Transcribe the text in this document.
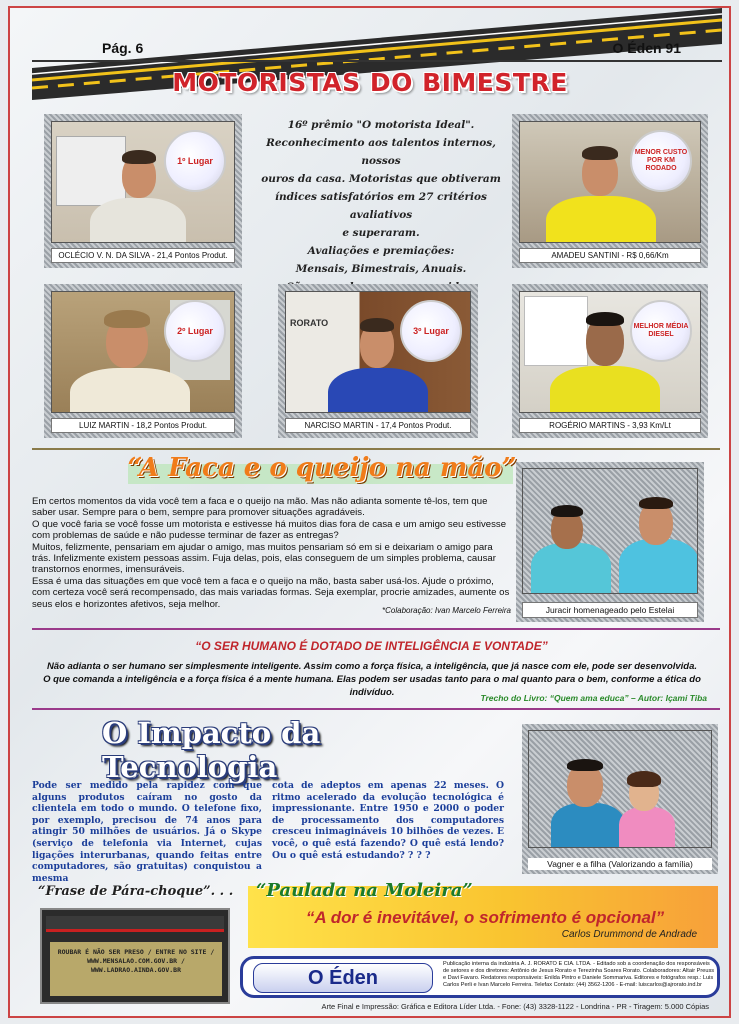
Pág. 6	O Éden 91
MOTORISTAS DO BIMESTRE
1º Lugar
OCLÉCIO V. N. DA SILVA - 21,4 Pontos Produt.
16º prêmio "O motorista Ideal".
Reconhecimento aos talentos internos, nossos
ouros da casa. Motoristas que obtiveram
índices satisfatórios em 27 critérios avaliativos
e superaram.
Avaliações e premiações:
Mensais, Bimestrais, Anuais.
MENOR CUSTO POR KM RODADO
AMADEU SANTINI - R$ 0,66/Km
2º Lugar
LUIZ MARTIN - 18,2 Pontos Produt.
RORATO
3º Lugar
NARCISO MARTIN - 17,4 Pontos Produt.
MELHOR MÉDIA DIESEL
ROGÉRIO MARTINS - 3,93 Km/Lt
“A Faca e o queijo na mão”
Em certos momentos da vida você tem a faca e o queijo na mão. Mas não adianta somente tê-los, tem que saber usar. Sempre para o bem, sempre para promover situações agradáveis.
O que você faria se você fosse um motorista e estivesse há muitos dias fora de casa e um amigo seu estivesse com problemas de saúde e não pudesse terminar de fazer as entregas?
Muitos, felizmente, pensariam em ajudar o amigo, mas muitos pensariam só em si e deixariam o amigo para trás. Infelizmente existem pessoas assim. Fuja delas, pois, elas conseguem de um simples problema, causar transtornos enormes, imensuráveis.
Essa é uma das situações em que você tem a faca e o queijo na mão, basta saber usá-los. Ajude o próximo, com certeza você será recompensado, das mais variadas formas. Seja exemplar, procrie amizades, aumente os seus elos e horizontes afetivos, seja melhor.
*Colaboração: Ivan Marcelo Ferreira	Juracir homenageado pelo Estelai
“O SER HUMANO É DOTADO DE INTELIGÊNCIA E VONTADE”
Não adianta o ser humano ser simplesmente inteligente. Assim como a força física, a inteligência, que já nasce com ele, pode ser desenvolvida.
O que comanda a inteligência e a força física é a mente humana. Elas podem ser usadas tanto para o mal quanto para o bem, conforme a ética do indivíduo.	Trecho do Livro: “Quem ama educa” – Autor: Içami Tiba
O Impacto da Tecnologia
Pode ser medido pela rapidez com que alguns produtos caíram no gosto da clientela em todo o mundo. O telefone fixo, por exemplo, precisou de 74 anos para atingir 50 milhões de usuários. Já o Skype (serviço de telefonia via Internet, cujas ligações interurbanas, quando feitas entre computadores, são gratuitas) conquistou a mesma
cota de adeptos em apenas 22 meses. O ritmo acelerado da evolução tecnológica é impressionante. Entre 1950 e 2000 o poder de processamento dos computadores cresceu inimagináveis 10 bilhões de vezes. E você, o quê está fazendo? O quê está lendo? Ou o quê está estudando? ? ? ?
Vagner e a filha (Valorizando a família)
“Frase de Pára-choque”. . .
ROUBAR É NÃO SER PRESO / ENTRE NO SITE / WWW.MENSALAO.COM.GOV.BR / WWW.LADRAO.AINDA.GOV.BR
“Paulada na Moleira”
“A dor é inevitável, o sofrimento é opcional”
Carlos Drummond de Andrade
O Éden
Publicação interna da indústria A. J. RORATO E CIA. LTDA. - Editado sob a coordenação dos responsáveis de setores e dos diretores: Antônio de Jesus Rorato e Terezinha Soares Rorato. Colaboradores: Altair Preuss e Davi Favaro. Redatores responsáveis: Enilda Pintro e Daniele Sommariva. Editores e fotógrafos resp.: Luis Carlos Perli e Ivan Marcelo Ferreira. Telefax Contato: (44) 3562-1206 - E-mail: luiscarlos@ajrorato.ind.br
Arte Final e Impressão: Gráfica e Editora Líder Ltda. - Fone: (43) 3328-1122 - Londrina - PR - Tiragem: 5.000 Cópias
